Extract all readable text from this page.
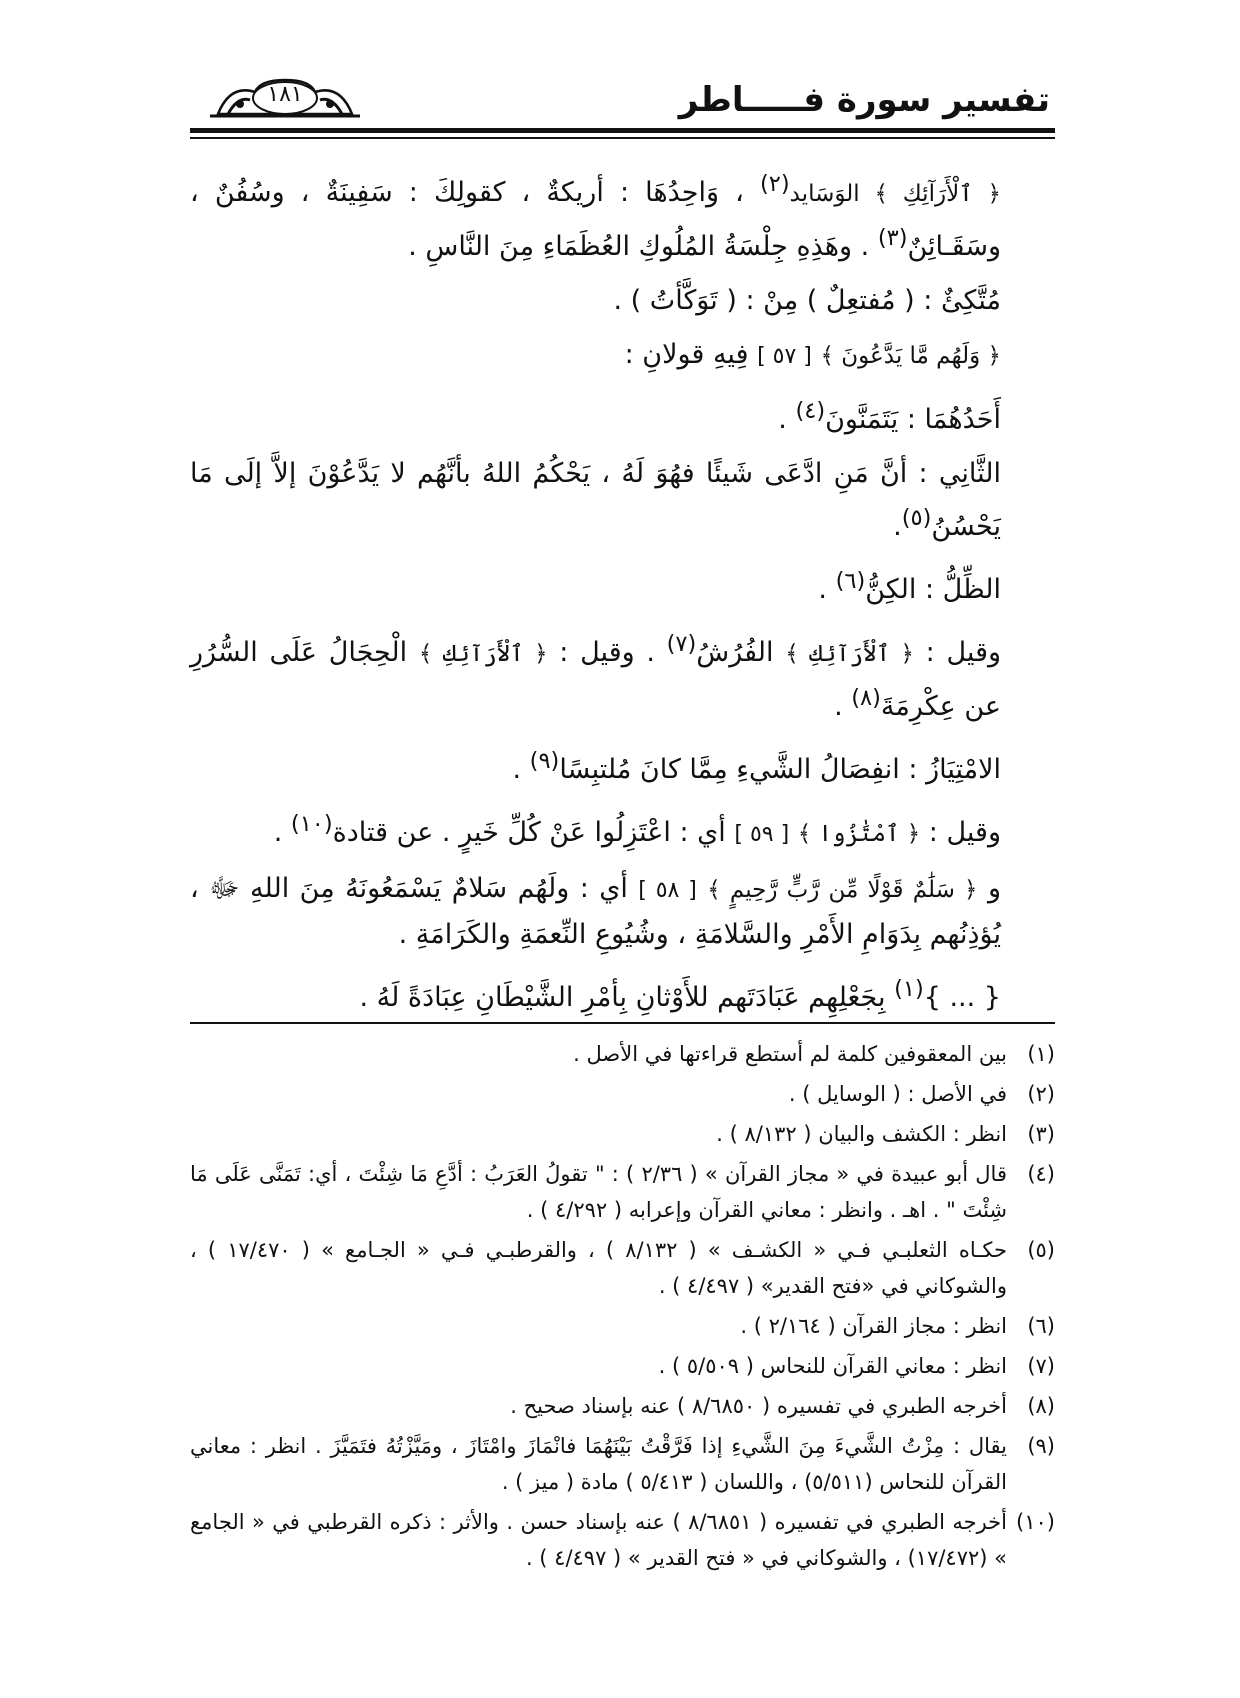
تفسير سورة فـــــاطر
١٨١

﴿ ٱلْأَرَآئِكِ ﴾ الوَسَايد$^{(٢)}$ ، وَاحِدُهَا : أريكةٌ ، كقولِكَ : سَفِينَةٌ ، وسُفُنٌ ، وسَقَـائِنٌ$^{(٣)}$ . وهَذِهِ جِلْسَةُ المُلُوكِ العُظَمَاءِ مِنَ النَّاسِ .

مُتَّكِئٌ : ( مُفتعِلٌ ) مِنْ : ( تَوَكَّأتُ ) .

﴿ وَلَهُم مَّا يَدَّعُونَ ﴾ [ ٥٧ ] فِيهِ قولانِ :

أَحَدُهُمَا : يَتَمَنَّونَ$^{(٤)}$ .

الثَّانِي : أنَّ مَنِ ادَّعَى شَيئًا فهُوَ لَهُ ، يَحْكُمُ اللهُ بأنَّهُم لا يَدَّعُوْنَ إلاَّ إلَى مَا يَحْسُنُ$^{(٥)}$.

الظِّلُّ : الكِنُّ$^{(٦)}$ .

وقيل : ﴿ ٱلْأَرَآئِكِ ﴾ الفُرُشُ$^{(٧)}$ . وقيل : ﴿ ٱلْأَرَآئِكِ ﴾ الْحِجَالُ عَلَى السُّرُرِ عن عِكْرِمَةَ$^{(٨)}$ .

الامْتِيَازُ : انفِصَالُ الشَّيءِ مِمَّا كانَ مُلتبِسًا$^{(٩)}$ .

وقيل : ﴿ ٱمْتَٰزُوا ﴾ [ ٥٩ ] أي : اعْتَزِلُوا عَنْ كُلِّ خَيرٍ . عن قتادة$^{(١٠)}$ .

و ﴿ سَلَٰمٌ قَوْلًا مِّن رَّبٍّ رَّحِيمٍ ﴾ [ ٥٨ ] أي : ولَهُم سَلامٌ يَسْمَعُونَهُ مِنَ اللهِ ﷻ ، يُؤذِنُهم بِدَوَامِ الأَمْرِ والسَّلامَةِ ، وشُيُوعِ النِّعمَةِ والكَرَامَةِ .

{ ... }$^{(١)}$ بِجَعْلِهِم عَبَادَتَهم للأَوْثانِ بِأمْرِ الشَّيْطَانِ عِبَادَةً لَهُ .

(١)
بين المعقوفين كلمة لم أستطع قراءتها في الأصل .
(٢)
في الأصل : ( الوسايل ) .
(٣)
انظر : الكشف والبيان ( ٨/١٣٢ ) .
(٤)
قال أبو عبيدة في « مجاز القرآن » ( ٢/٣٦ ) : " تقولُ العَرَبُ : أدَّعِ مَا شِئْتَ ، أي: تَمَنَّى عَلَى مَا شِئْتَ " . اهـ . وانظر : معاني القرآن وإعرابه ( ٤/٢٩٢ ) .
(٥)
حكـاه الثعلبـي فـي « الكشـف » ( ٨/١٣٢ ) ، والقرطبـي فـي « الجـامع » ( ١٧/٤٧٠ ) ، والشوكاني في «فتح القدير» ( ٤/٤٩٧ ) .
(٦)
انظر : مجاز القرآن ( ٢/١٦٤ ) .
(٧)
انظر : معاني القرآن للنحاس ( ٥/٥٠٩ ) .
(٨)
أخرجه الطبري في تفسيره ( ٨/٦٨٥٠ ) عنه بإسناد صحيح .
(٩)
يقال : مِزْتُ الشَّيءَ مِنَ الشَّيءِ إذا فَرَّقْتُ بَيْنَهُمَا فانْمَازَ وامْتَازَ ، ومَيَّزْتُهُ فتَمَيَّزَ . انظر : معاني القرآن للنحاس (٥/٥١١) ، واللسان ( ٥/٤١٣ ) مادة ( ميز ) .
(١٠)
أخرجه الطبري في تفسيره ( ٨/٦٨٥١ ) عنه بإسناد حسن . والأثر : ذكره القرطبي في « الجامع » (١٧/٤٧٢) ، والشوكاني في « فتح القدير » ( ٤/٤٩٧ ) .
